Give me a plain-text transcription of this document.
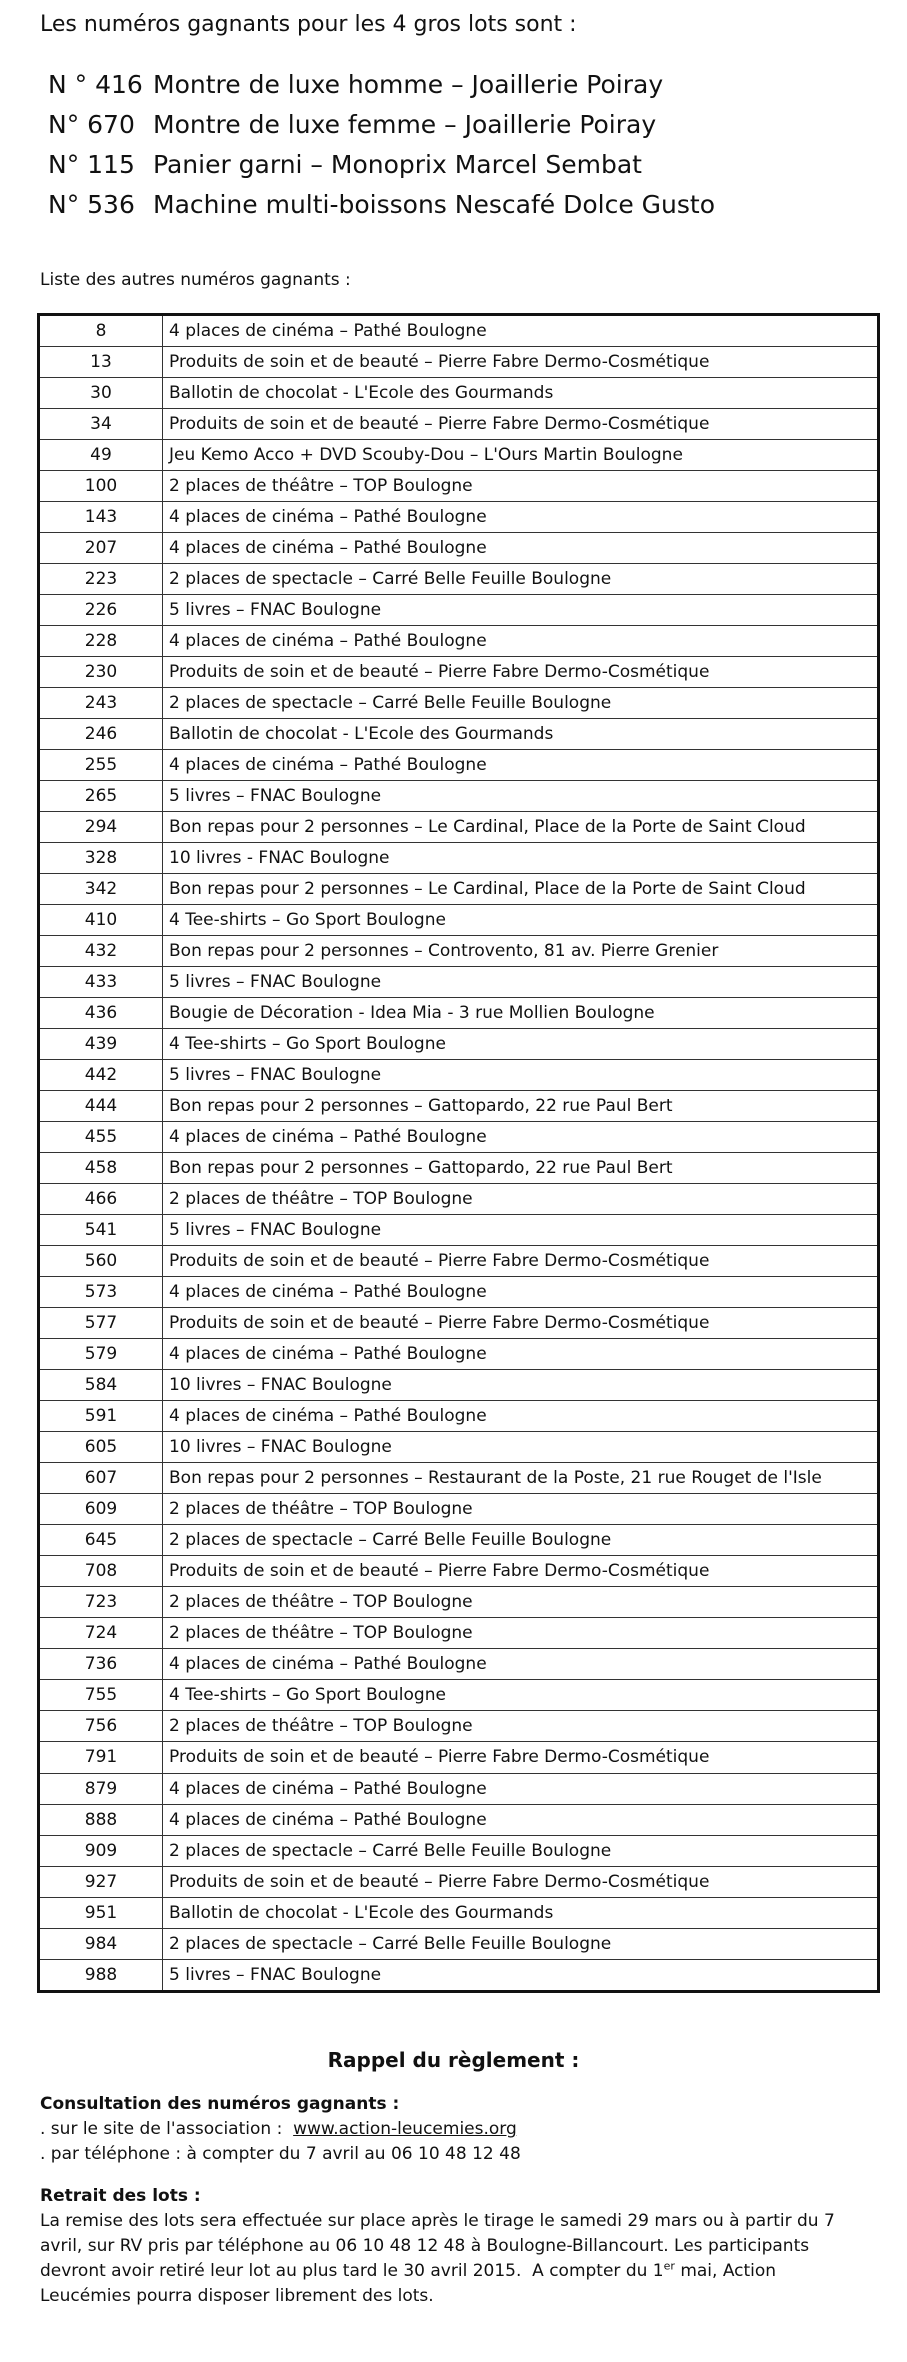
Les numéros gagnants pour les 4 gros lots sont :
N ° 416 Montre de luxe homme – Joaillerie Poiray
N° 670 Montre de luxe femme – Joaillerie Poiray
N° 115 Panier garni – Monoprix Marcel Sembat
N° 536 Machine multi-boissons Nescafé Dolce Gusto
Liste des autres numéros gagnants :
8	4 places de cinéma – Pathé Boulogne
13	Produits de soin et de beauté – Pierre Fabre Dermo-Cosmétique
30	Ballotin de chocolat - L'Ecole des Gourmands
34	Produits de soin et de beauté – Pierre Fabre Dermo-Cosmétique
49	Jeu Kemo Acco + DVD Scouby-Dou – L'Ours Martin Boulogne
100	2 places de théâtre – TOP Boulogne
143	4 places de cinéma – Pathé Boulogne
207	4 places de cinéma – Pathé Boulogne
223	2 places de spectacle – Carré Belle Feuille Boulogne
226	5 livres – FNAC Boulogne
228	4 places de cinéma – Pathé Boulogne
230	Produits de soin et de beauté – Pierre Fabre Dermo-Cosmétique
243	2 places de spectacle – Carré Belle Feuille Boulogne
246	Ballotin de chocolat - L'Ecole des Gourmands
255	4 places de cinéma – Pathé Boulogne
265	5 livres – FNAC Boulogne
294	Bon repas pour 2 personnes – Le Cardinal, Place de la Porte de Saint Cloud
328	10 livres - FNAC Boulogne
342	Bon repas pour 2 personnes – Le Cardinal, Place de la Porte de Saint Cloud
410	4 Tee-shirts – Go Sport Boulogne
432	Bon repas pour 2 personnes – Controvento, 81 av. Pierre Grenier
433	5 livres – FNAC Boulogne
436	Bougie de Décoration - Idea Mia - 3 rue Mollien Boulogne
439	4 Tee-shirts – Go Sport Boulogne
442	5 livres – FNAC Boulogne
444	Bon repas pour 2 personnes – Gattopardo, 22 rue Paul Bert
455	4 places de cinéma – Pathé Boulogne
458	Bon repas pour 2 personnes – Gattopardo, 22 rue Paul Bert
466	2 places de théâtre – TOP Boulogne
541	5 livres – FNAC Boulogne
560	Produits de soin et de beauté – Pierre Fabre Dermo-Cosmétique
573	4 places de cinéma – Pathé Boulogne
577	Produits de soin et de beauté – Pierre Fabre Dermo-Cosmétique
579	4 places de cinéma – Pathé Boulogne
584	10 livres – FNAC Boulogne
591	4 places de cinéma – Pathé Boulogne
605	10 livres – FNAC Boulogne
607	Bon repas pour 2 personnes – Restaurant de la Poste, 21 rue Rouget de l'Isle
609	2 places de théâtre – TOP Boulogne
645	2 places de spectacle – Carré Belle Feuille Boulogne
708	Produits de soin et de beauté – Pierre Fabre Dermo-Cosmétique
723	2 places de théâtre – TOP Boulogne
724	2 places de théâtre – TOP Boulogne
736	4 places de cinéma – Pathé Boulogne
755	4 Tee-shirts – Go Sport Boulogne
756	2 places de théâtre – TOP Boulogne
791	Produits de soin et de beauté – Pierre Fabre Dermo-Cosmétique
879	4 places de cinéma – Pathé Boulogne
888	4 places de cinéma – Pathé Boulogne
909	2 places de spectacle – Carré Belle Feuille Boulogne
927	Produits de soin et de beauté – Pierre Fabre Dermo-Cosmétique
951	Ballotin de chocolat - L'Ecole des Gourmands
984	2 places de spectacle – Carré Belle Feuille Boulogne
988	5 livres – FNAC Boulogne
Rappel du règlement :
Consultation des numéros gagnants :
. sur le site de l'association :  www.action-leucemies.org
. par téléphone : à compter du 7 avril au 06 10 48 12 48
Retrait des lots :
La remise des lots sera effectuée sur place après le tirage le samedi 29 mars ou à partir du 7 avril, sur RV pris par téléphone au 06 10 48 12 48 à Boulogne-Billancourt. Les participants devront avoir retiré leur lot au plus tard le 30 avril 2015.  A compter du 1er mai, Action Leucémies pourra disposer librement des lots.
